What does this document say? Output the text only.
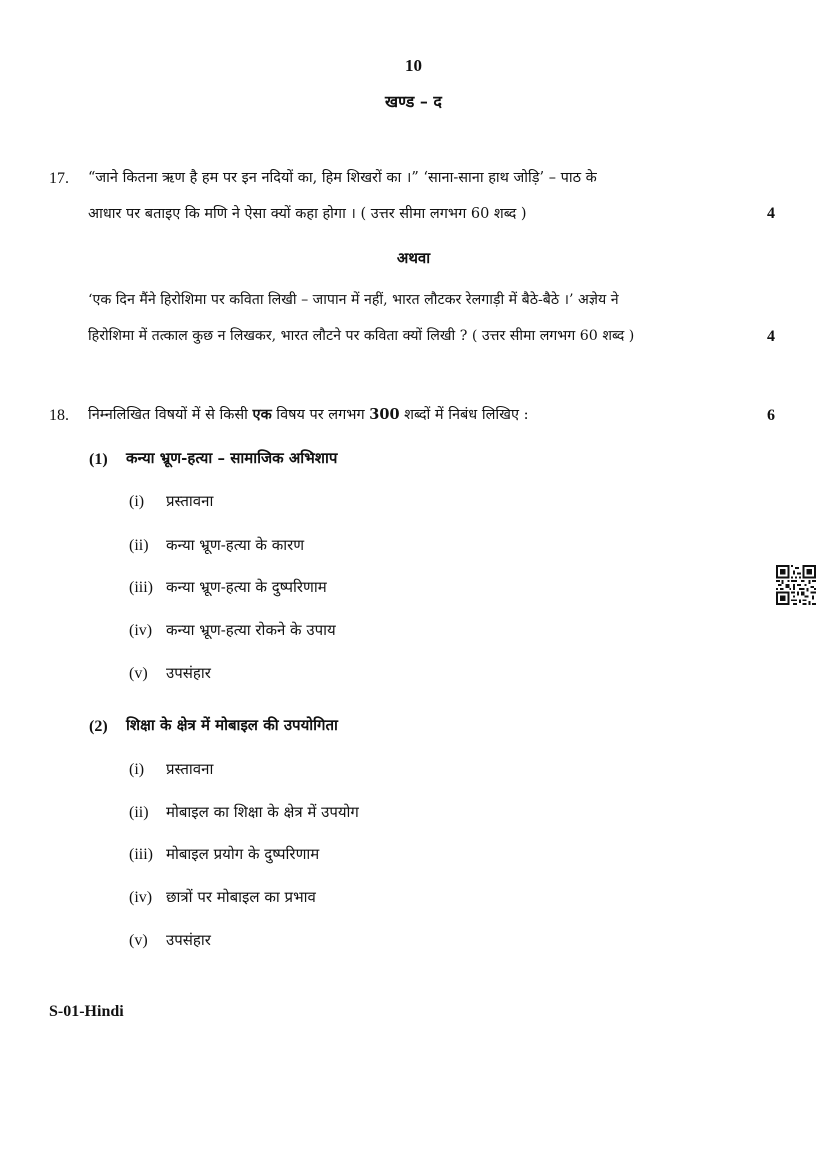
10
खण्ड – द
17. “जाने कितना ऋण है हम पर इन नदियों का, हिम शिखरों का ।” ‘साना-साना हाथ जोड़ि’ – पाठ के
आधार पर बताइए कि मणि ने ऐसा क्यों कहा होगा । ( उत्तर सीमा लगभग 60 शब्द )	4
अथवा
‘एक दिन मैंने हिरोशिमा पर कविता लिखी – जापान में नहीं, भारत लौटकर रेलगाड़ी में बैठे-बैठे ।’ अज्ञेय ने
हिरोशिमा में तत्काल कुछ न लिखकर, भारत लौटने पर कविता क्यों लिखी ? ( उत्तर सीमा लगभग 60 शब्द )	4
18. निम्नलिखित विषयों में से किसी एक विषय पर लगभग 300 शब्दों में निबंध लिखिए :	6
(1) कन्या भ्रूण-हत्या – सामाजिक अभिशाप
(i) प्रस्तावना
(ii) कन्या भ्रूण-हत्या के कारण
(iii) कन्या भ्रूण-हत्या के दुष्परिणाम
(iv) कन्या भ्रूण-हत्या रोकने के उपाय
(v) उपसंहार
(2) शिक्षा के क्षेत्र में मोबाइल की उपयोगिता
(i) प्रस्तावना
(ii) मोबाइल का शिक्षा के क्षेत्र में उपयोग
(iii) मोबाइल प्रयोग के दुष्परिणाम
(iv) छात्रों पर मोबाइल का प्रभाव
(v) उपसंहार
S-01-Hindi
